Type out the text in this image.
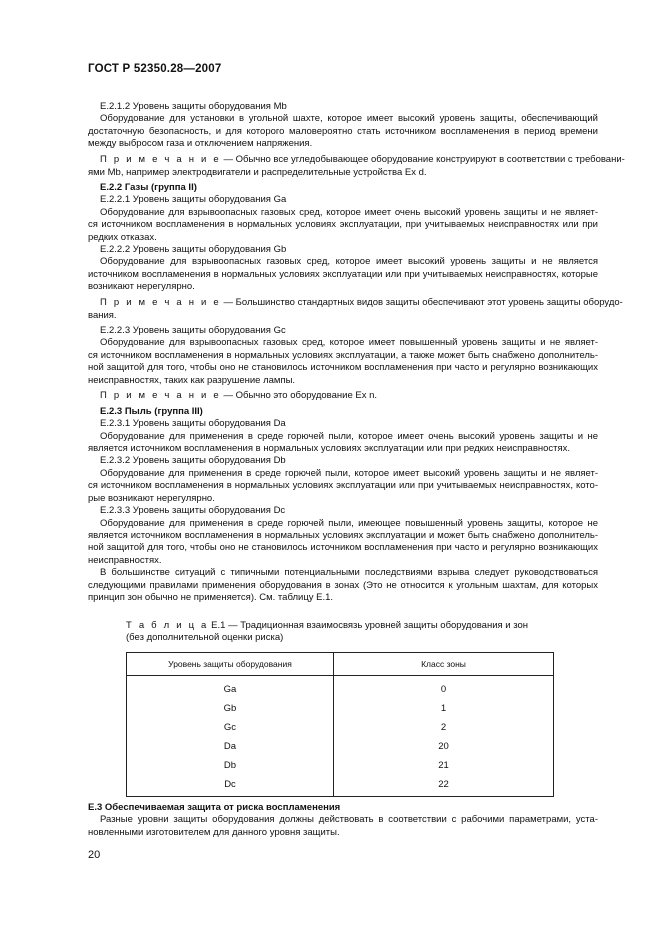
ГОСТ Р 52350.28—2007
Е.2.1.2 Уровень защиты оборудования Mb
Оборудование для установки в угольной шахте, которое имеет высокий уровень защиты, обеспечивающий
достаточную безопасность, и для которого маловероятно стать источником воспламенения в период времени
между выбросом газа и отключением напряжения.
П р и м е ч а н и е — Обычно все угледобывающее оборудование конструируют в соответствии с требовани-
ями Mb, например электродвигатели и распределительные устройства Ex d.
Е.2.2 Газы (группа II)
Е.2.2.1 Уровень защиты оборудования Ga
Оборудование для взрывоопасных газовых сред, которое имеет очень высокий уровень защиты и не являет-
ся источником воспламенения в нормальных условиях эксплуатации, при учитываемых неисправностях или при
редких отказах.
Е.2.2.2 Уровень защиты оборудования Gb
Оборудование для взрывоопасных газовых сред, которое имеет высокий уровень защиты и не является
источником воспламенения в нормальных условиях эксплуатации или при учитываемых неисправностях, которые
возникают нерегулярно.
П р и м е ч а н и е — Большинство стандартных видов защиты обеспечивают этот уровень защиты оборудо-
вания.
Е.2.2.3 Уровень защиты оборудования Gc
Оборудование для взрывоопасных газовых сред, которое имеет повышенный уровень защиты и не являет-
ся источником воспламенения в нормальных условиях эксплуатации, а также может быть снабжено дополнитель-
ной защитой для того, чтобы оно не становилось источником воспламенения при часто и регулярно возникающих
неисправностях, таких как разрушение лампы.
П р и м е ч а н и е — Обычно это оборудование Ex n.
Е.2.3 Пыль (группа III)
Е.2.3.1 Уровень защиты оборудования Da
Оборудование для применения в среде горючей пыли, которое имеет очень высокий уровень защиты и не
является источником воспламенения в нормальных условиях эксплуатации или при редких неисправностях.
Е.2.3.2 Уровень защиты оборудования Db
Оборудование для применения в среде горючей пыли, которое имеет высокий уровень защиты и не являет-
ся источником воспламенения в нормальных условиях эксплуатации или при учитываемых неисправностях, кото-
рые возникают нерегулярно.
Е.2.3.3 Уровень защиты оборудования Dc
Оборудование для применения в среде горючей пыли, имеющее повышенный уровень защиты, которое не
является источником воспламенения в нормальных условиях эксплуатации и может быть снабжено дополнитель-
ной защитой для того, чтобы оно не становилось источником воспламенения при часто и регулярно возникающих
неисправностях.
В большинстве ситуаций с типичными потенциальными последствиями взрыва следует руководствоваться
следующими правилами применения оборудования в зонах (Это не относится к угольным шахтам, для которых
принцип зон обычно не применяется). См. таблицу Е.1.
Т а б л и ц а Е.1 — Традиционная взаимосвязь уровней защиты оборудования и зон
(без дополнительной оценки риска)
Уровень защиты оборудования	Класс зоны
Ga	0
Gb	1
Gc	2
Da	20
Db	21
Dc	22
Е.3 Обеспечиваемая защита от риска воспламенения
Разные уровни защиты оборудования должны действовать в соответствии с рабочими параметрами, уста-
новленными изготовителем для данного уровня защиты.
20
